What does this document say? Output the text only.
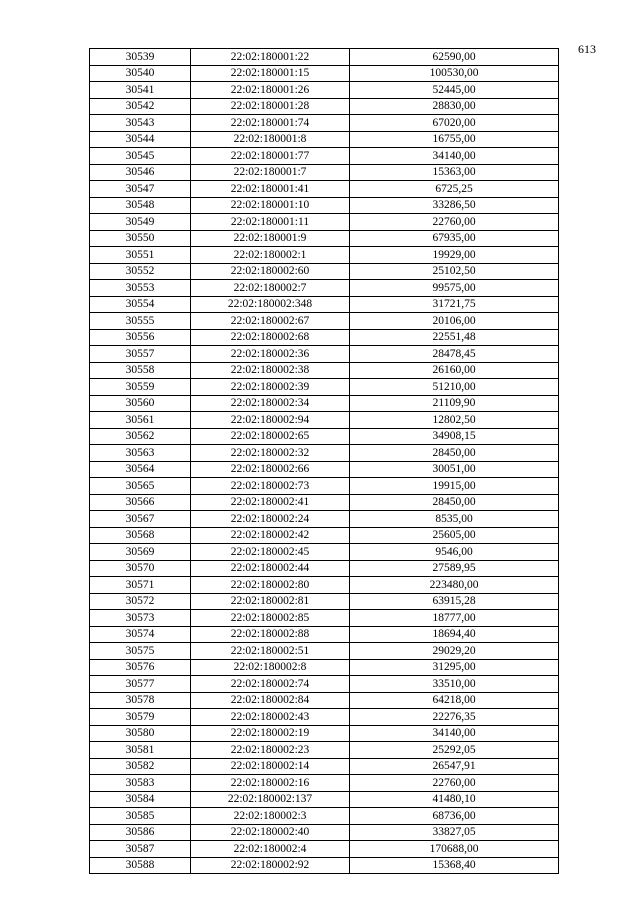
613
30539	22:02:180001:22	62590,00
30540	22:02:180001:15	100530,00
30541	22:02:180001:26	52445,00
30542	22:02:180001:28	28830,00
30543	22:02:180001:74	67020,00
30544	22:02:180001:8	16755,00
30545	22:02:180001:77	34140,00
30546	22:02:180001:7	15363,00
30547	22:02:180001:41	6725,25
30548	22:02:180001:10	33286,50
30549	22:02:180001:11	22760,00
30550	22:02:180001:9	67935,00
30551	22:02:180002:1	19929,00
30552	22:02:180002:60	25102,50
30553	22:02:180002:7	99575,00
30554	22:02:180002:348	31721,75
30555	22:02:180002:67	20106,00
30556	22:02:180002:68	22551,48
30557	22:02:180002:36	28478,45
30558	22:02:180002:38	26160,00
30559	22:02:180002:39	51210,00
30560	22:02:180002:34	21109,90
30561	22:02:180002:94	12802,50
30562	22:02:180002:65	34908,15
30563	22:02:180002:32	28450,00
30564	22:02:180002:66	30051,00
30565	22:02:180002:73	19915,00
30566	22:02:180002:41	28450,00
30567	22:02:180002:24	8535,00
30568	22:02:180002:42	25605,00
30569	22:02:180002:45	9546,00
30570	22:02:180002:44	27589,95
30571	22:02:180002:80	223480,00
30572	22:02:180002:81	63915,28
30573	22:02:180002:85	18777,00
30574	22:02:180002:88	18694,40
30575	22:02:180002:51	29029,20
30576	22:02:180002:8	31295,00
30577	22:02:180002:74	33510,00
30578	22:02:180002:84	64218,00
30579	22:02:180002:43	22276,35
30580	22:02:180002:19	34140,00
30581	22:02:180002:23	25292,05
30582	22:02:180002:14	26547,91
30583	22:02:180002:16	22760,00
30584	22:02:180002:137	41480,10
30585	22:02:180002:3	68736,00
30586	22:02:180002:40	33827,05
30587	22:02:180002:4	170688,00
30588	22:02:180002:92	15368,40
